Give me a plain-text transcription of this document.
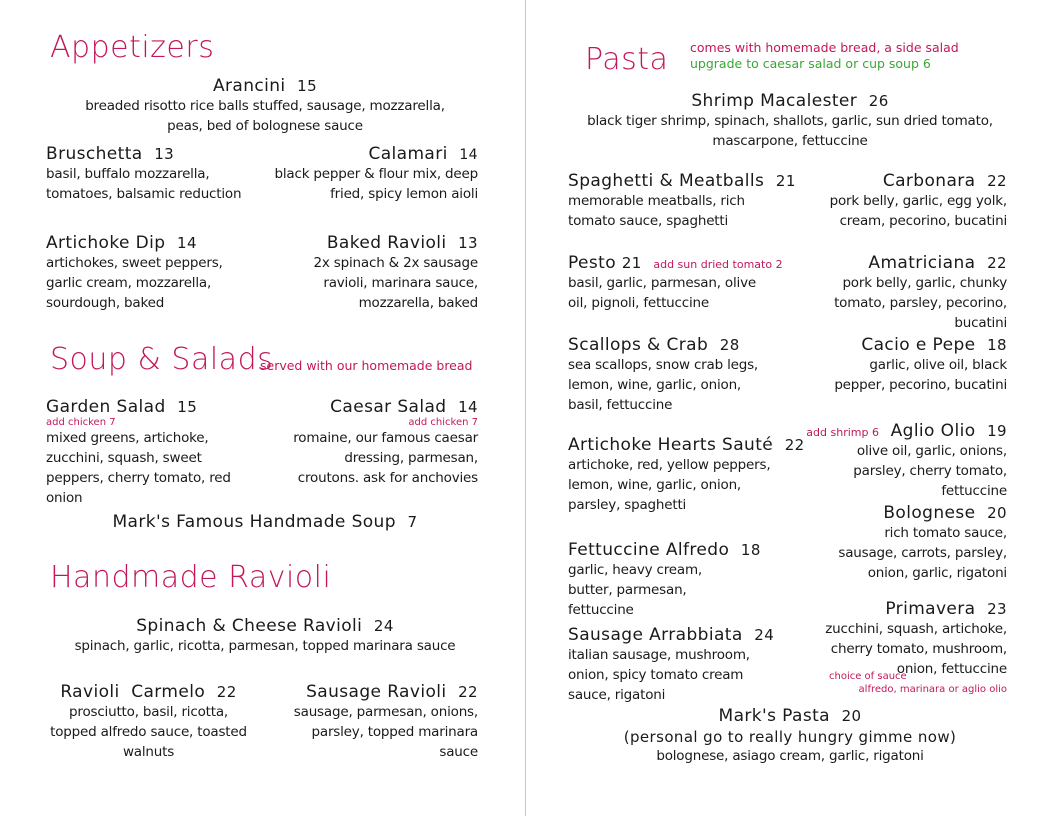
Appetizers
Arancini 15
breaded risotto rice balls stuffed, sausage, mozzarella, peas, bed of bolognese sauce
Bruschetta 13
basil, buffalo mozzarella, tomatoes, balsamic reduction
Calamari 14
black pepper & flour mix, deep fried, spicy lemon aioli
Artichoke Dip 14
artichokes, sweet peppers, garlic cream, mozzarella, sourdough, baked
Baked Ravioli 13
2x spinach & 2x sausage ravioli, marinara sauce, mozzarella, baked
Soup & Salads
served with our homemade bread
Garden Salad 15
add chicken 7
mixed greens, artichoke, zucchini, squash, sweet peppers, cherry tomato, red onion
Caesar Salad 14
add chicken 7
romaine, our famous caesar dressing, parmesan, croutons. ask for anchovies
Mark's Famous Handmade Soup 7
Handmade Ravioli
Spinach & Cheese Ravioli 24
spinach, garlic, ricotta, parmesan, topped marinara sauce
Ravioli  Carmelo 22
prosciutto, basil, ricotta, topped alfredo sauce, toasted walnuts
Sausage Ravioli 22
sausage, parmesan, onions, parsley, topped marinara sauce
Pasta comes with homemade bread, a side salad
upgrade to caesar salad or cup soup 6
Shrimp Macalester 26
black tiger shrimp, spinach, shallots, garlic, sun dried tomato, mascarpone, fettuccine
Spaghetti & Meatballs 21
memorable meatballs, rich tomato sauce, spaghetti
Carbonara 22
pork belly, garlic, egg yolk, cream, pecorino, bucatini
Pesto 21 add sun dried tomato 2
basil, garlic, parmesan, olive oil, pignoli, fettuccine
Amatriciana 22
pork belly, garlic, chunky tomato, parsley, pecorino, bucatini
Scallops & Crab 28
sea scallops, snow crab legs, lemon, wine, garlic, onion, basil, fettuccine
Cacio e Pepe 18
garlic, olive oil, black pepper, pecorino, bucatini
Artichoke Hearts Sauté 22
artichoke, red, yellow peppers, lemon, wine, garlic, onion, parsley, spaghetti
add shrimp 6 Aglio Olio 19
olive oil, garlic, onions, parsley, cherry tomato, fettuccine
Bolognese 20
rich tomato sauce, sausage, carrots, parsley, onion, garlic, rigatoni
Fettuccine Alfredo 18
garlic, heavy cream, butter, parmesan, fettuccine	Primavera 23
zucchini, squash, artichoke, cherry tomato, mushroom, onion, fettuccine
choice of sauce
alfredo, marinara or aglio olio
Sausage Arrabbiata 24
italian sausage, mushroom, onion, spicy tomato cream sauce, rigatoni
Mark's Pasta 20
(personal go to really hungry gimme now)
bolognese, asiago cream, garlic, rigatoni
